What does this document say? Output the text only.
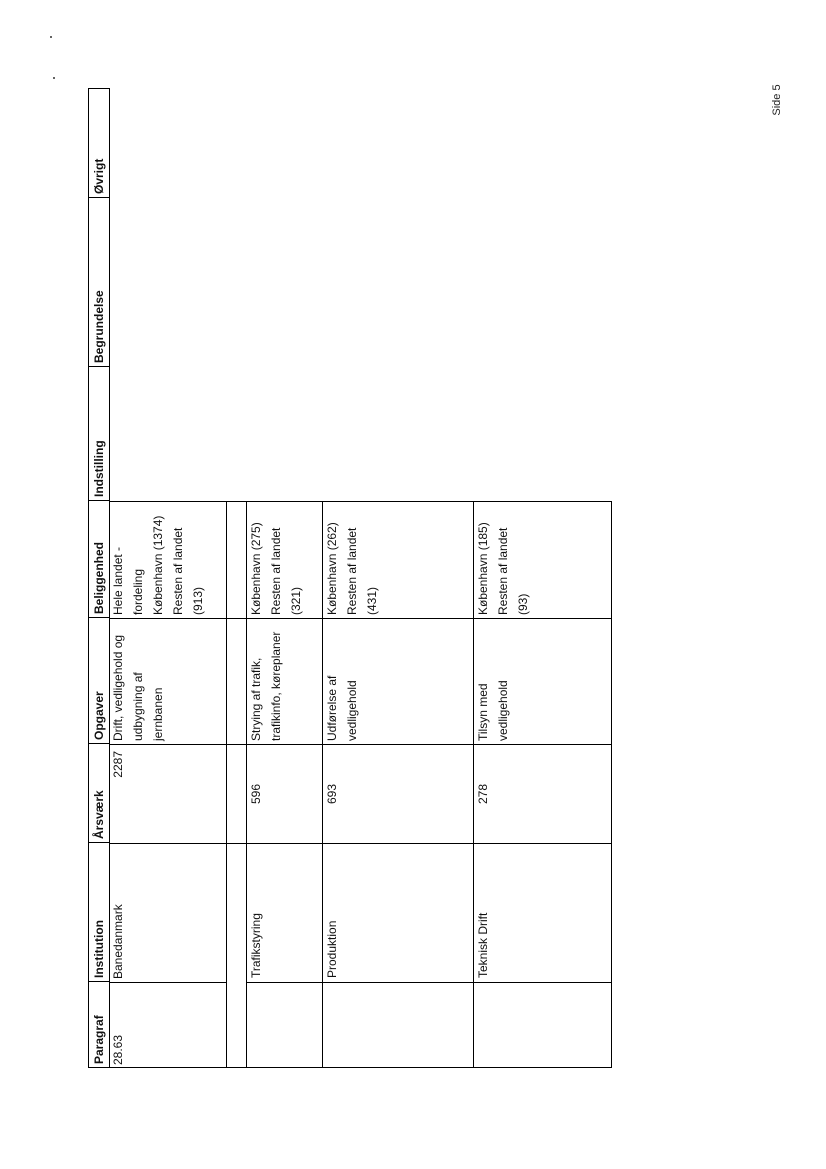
Side 5
Paragraf
Institution
Årsværk
Opgaver
Beliggenhed
Indstilling
Begrundelse
Øvrigt
28.63
Banedanmark
2287
Drift, vedligehold og udbygning af jernbanen
Hele landet - fordeling København (1374) Resten af landet (913)
Trafikstyring
596
Strying af trafik, trafikinfo, køreplaner
København (275) Resten af landet (321)
Produktion
693
Udførelse af vedligehold
København (262) Resten af landet (431)
Teknisk Drift
278
Tilsyn med vedligehold
København (185) Resten af landet (93)
